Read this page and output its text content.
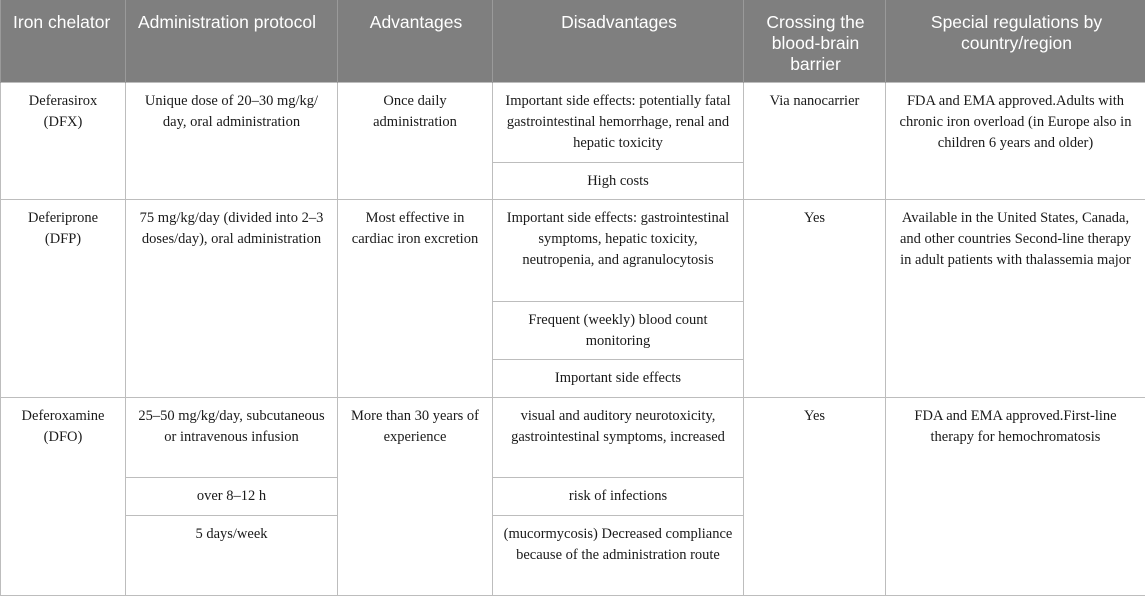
Iron chelator	Administration protocol	Advantages	Disadvantages	Crossing the blood-brain barrier	Special regulations by country/region
Deferasirox (DFX)	Unique dose of 20–30 mg/kg/ day, oral administration	Once daily administration	Important side effects: potentially fatal gastrointestinal hemorrhage, renal and hepatic toxicity	Via nanocarrier	FDA and EMA approved.Adults with chronic iron overload (in Europe also in children 6 years and older)
			High costs		
Deferiprone (DFP)	75 mg/kg/day (divided into 2–3 doses/day), oral administration	Most effective in cardiac iron excretion	Important side effects: gastrointestinal symptoms, hepatic toxicity, neutropenia, and agranulocytosis	Yes	Available in the United States, Canada, and other countries Second-line therapy in adult patients with thalassemia major
			Frequent (weekly) blood count monitoring		
			Important side effects		
Deferoxamine (DFO)	25–50 mg/kg/day, subcutaneous or intravenous infusion	More than 30 years of experience	visual and auditory neurotoxicity, gastrointestinal symptoms, increased	Yes	FDA and EMA approved.First-line therapy for hemochromatosis
	over 8–12 h		risk of infections		
	5 days/week		(mucormycosis) Decreased compliance because of the administration route		
